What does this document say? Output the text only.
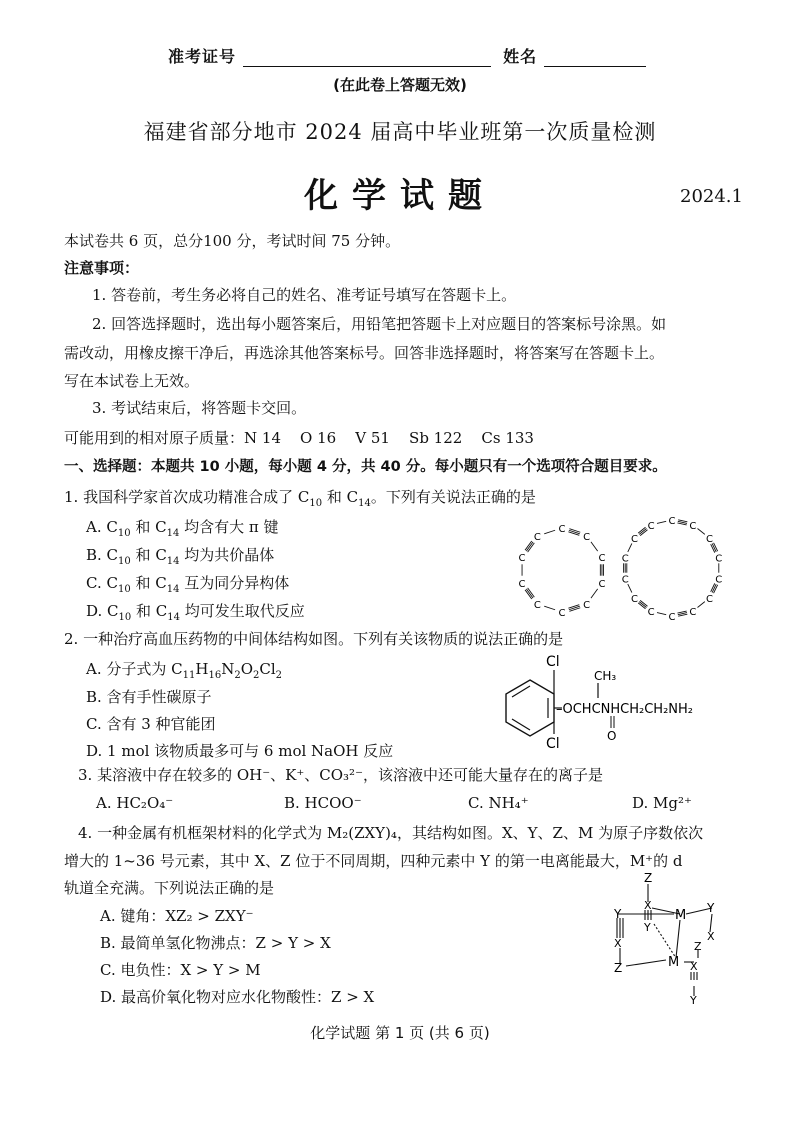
准考证号	姓名
(在此卷上答题无效)
福建省部分地市 2024 届高中毕业班第一次质量检测
化学试题	2024.1
本试卷共 6 页，总分100 分，考试时间 75 分钟。
注意事项：
1. 答卷前，考生务必将自己的姓名、准考证号填写在答题卡上。
2. 回答选择题时，选出每小题答案后，用铅笔把答题卡上对应题目的答案标号涂黑。如
需改动，用橡皮擦干净后，再选涂其他答案标号。回答非选择题时，将答案写在答题卡上。
写在本试卷上无效。
3. 考试结束后，将答题卡交回。
可能用到的相对原子质量：N 14    O 16    V 51    Sb 122    Cs 133
一、选择题：本题共 10 小题，每小题 4 分，共 40 分。每小题只有一个选项符合题目要求。
1. 我国科学家首次成功精准合成了 $C_{10}$ 和 $C_{14}$。下列有关说法正确的是
A. $C_{10}$ 和 $C_{14}$ 均含有大 π 键
B. $C_{10}$ 和 $C_{14}$ 均为共价晶体
C. $C_{10}$ 和 $C_{14}$ 互为同分异构体
D. $C_{10}$ 和 $C_{14}$ 均可发生取代反应
C
C
C
C
C
C
C
C
C
C
C C
C
C
C
C
C
C
C
C
C
C
C
C
2. 一种治疗高血压药物的中间体结构如图。下列有关该物质的说法正确的是
A. 分子式为 $C_{11}H_{16}N_2O_2Cl_2$
B. 含有手性碳原子
C. 含有 3 种官能团
D. 1 mol 该物质最多可与 6 mol NaOH 反应
Cl
Cl
CH₃
–OCHCNHCH₂CH₂NH₂
O
3. 某溶液中存在较多的 OH⁻、K⁺、CO₃²⁻，该溶液中还可能大量存在的离子是
A. HC₂O₄⁻	B. HCOO⁻	C. NH₄⁺	D. Mg²⁺
4. 一种金属有机框架材料的化学式为 M₂(ZXY)₄，其结构如图。X、Y、Z、M 为原子序数依次
增大的 1~36 号元素，其中 X、Z 位于不同周期，四种元素中 Y 的第一电离能最大，M⁺的 d
轨道全充满。下列说法正确的是
A. 键角：XZ₂ > ZXY⁻
B. 最简单氢化物沸点：Z > Y > X
C. 电负性：X > Y > M
D. 最高价氧化物对应水化物酸性：Z > X
Z
X
Y
M Y
X
Y
X
Z	M
Z
X
Y
化学试题 第 1 页 (共 6 页)
